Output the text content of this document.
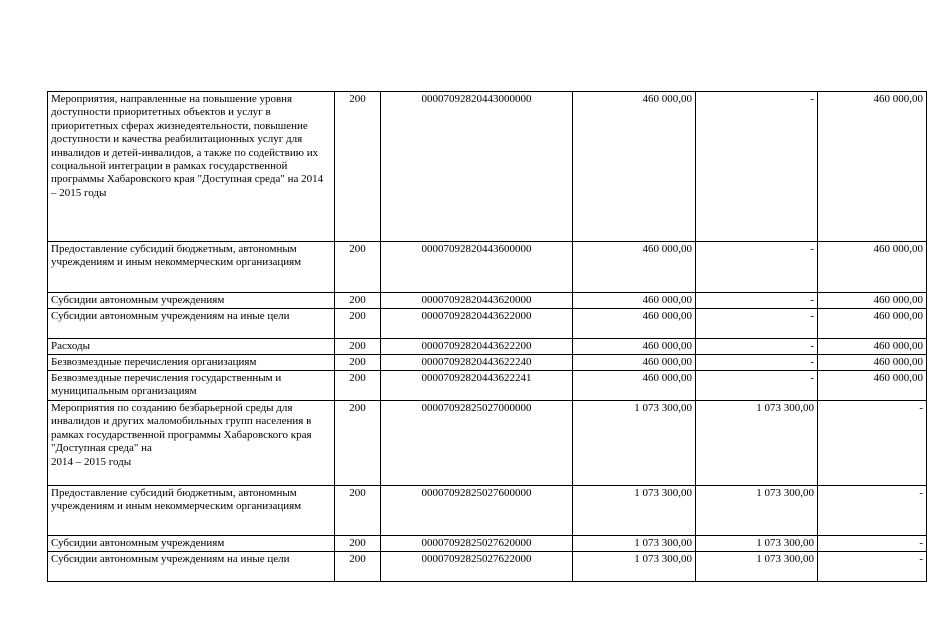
Мероприятия, направленные на повышение уровня доступности приоритетных объектов и услуг в приоритетных сферах жизнедеятельности, повышение доступности и качества реабилитационных услуг для инвалидов и детей-инвалидов, а также по содействию их социальной интеграции в рамках государственной программы Хабаровского края "Доступная среда" на 2014 – 2015 годы	200	00007092820443000000	460 000,00	-	460 000,00
Предоставление субсидий бюджетным, автономным учреждениям и иным некоммерческим организациям	200	00007092820443600000	460 000,00	-	460 000,00
Субсидии автономным учреждениям	200	00007092820443620000	460 000,00	-	460 000,00
Субсидии автономным учреждениям на иные цели	200	00007092820443622000	460 000,00	-	460 000,00
Расходы	200	00007092820443622200	460 000,00	-	460 000,00
Безвозмездные перечисления организациям	200	00007092820443622240	460 000,00	-	460 000,00
Безвозмездные перечисления государственным и муниципальным организациям	200	00007092820443622241	460 000,00	-	460 000,00
Мероприятия по созданию безбарьерной среды для инвалидов и других маломобильных групп населения в рамках государственной программы Хабаровского края "Доступная среда" на
2014 – 2015 годы	200	00007092825027000000	1 073 300,00	1 073 300,00	-
Предоставление субсидий бюджетным, автономным учреждениям и иным некоммерческим организациям	200	00007092825027600000	1 073 300,00	1 073 300,00	-
Субсидии автономным учреждениям	200	00007092825027620000	1 073 300,00	1 073 300,00	-
Субсидии автономным учреждениям на иные цели	200	00007092825027622000	1 073 300,00	1 073 300,00	-
